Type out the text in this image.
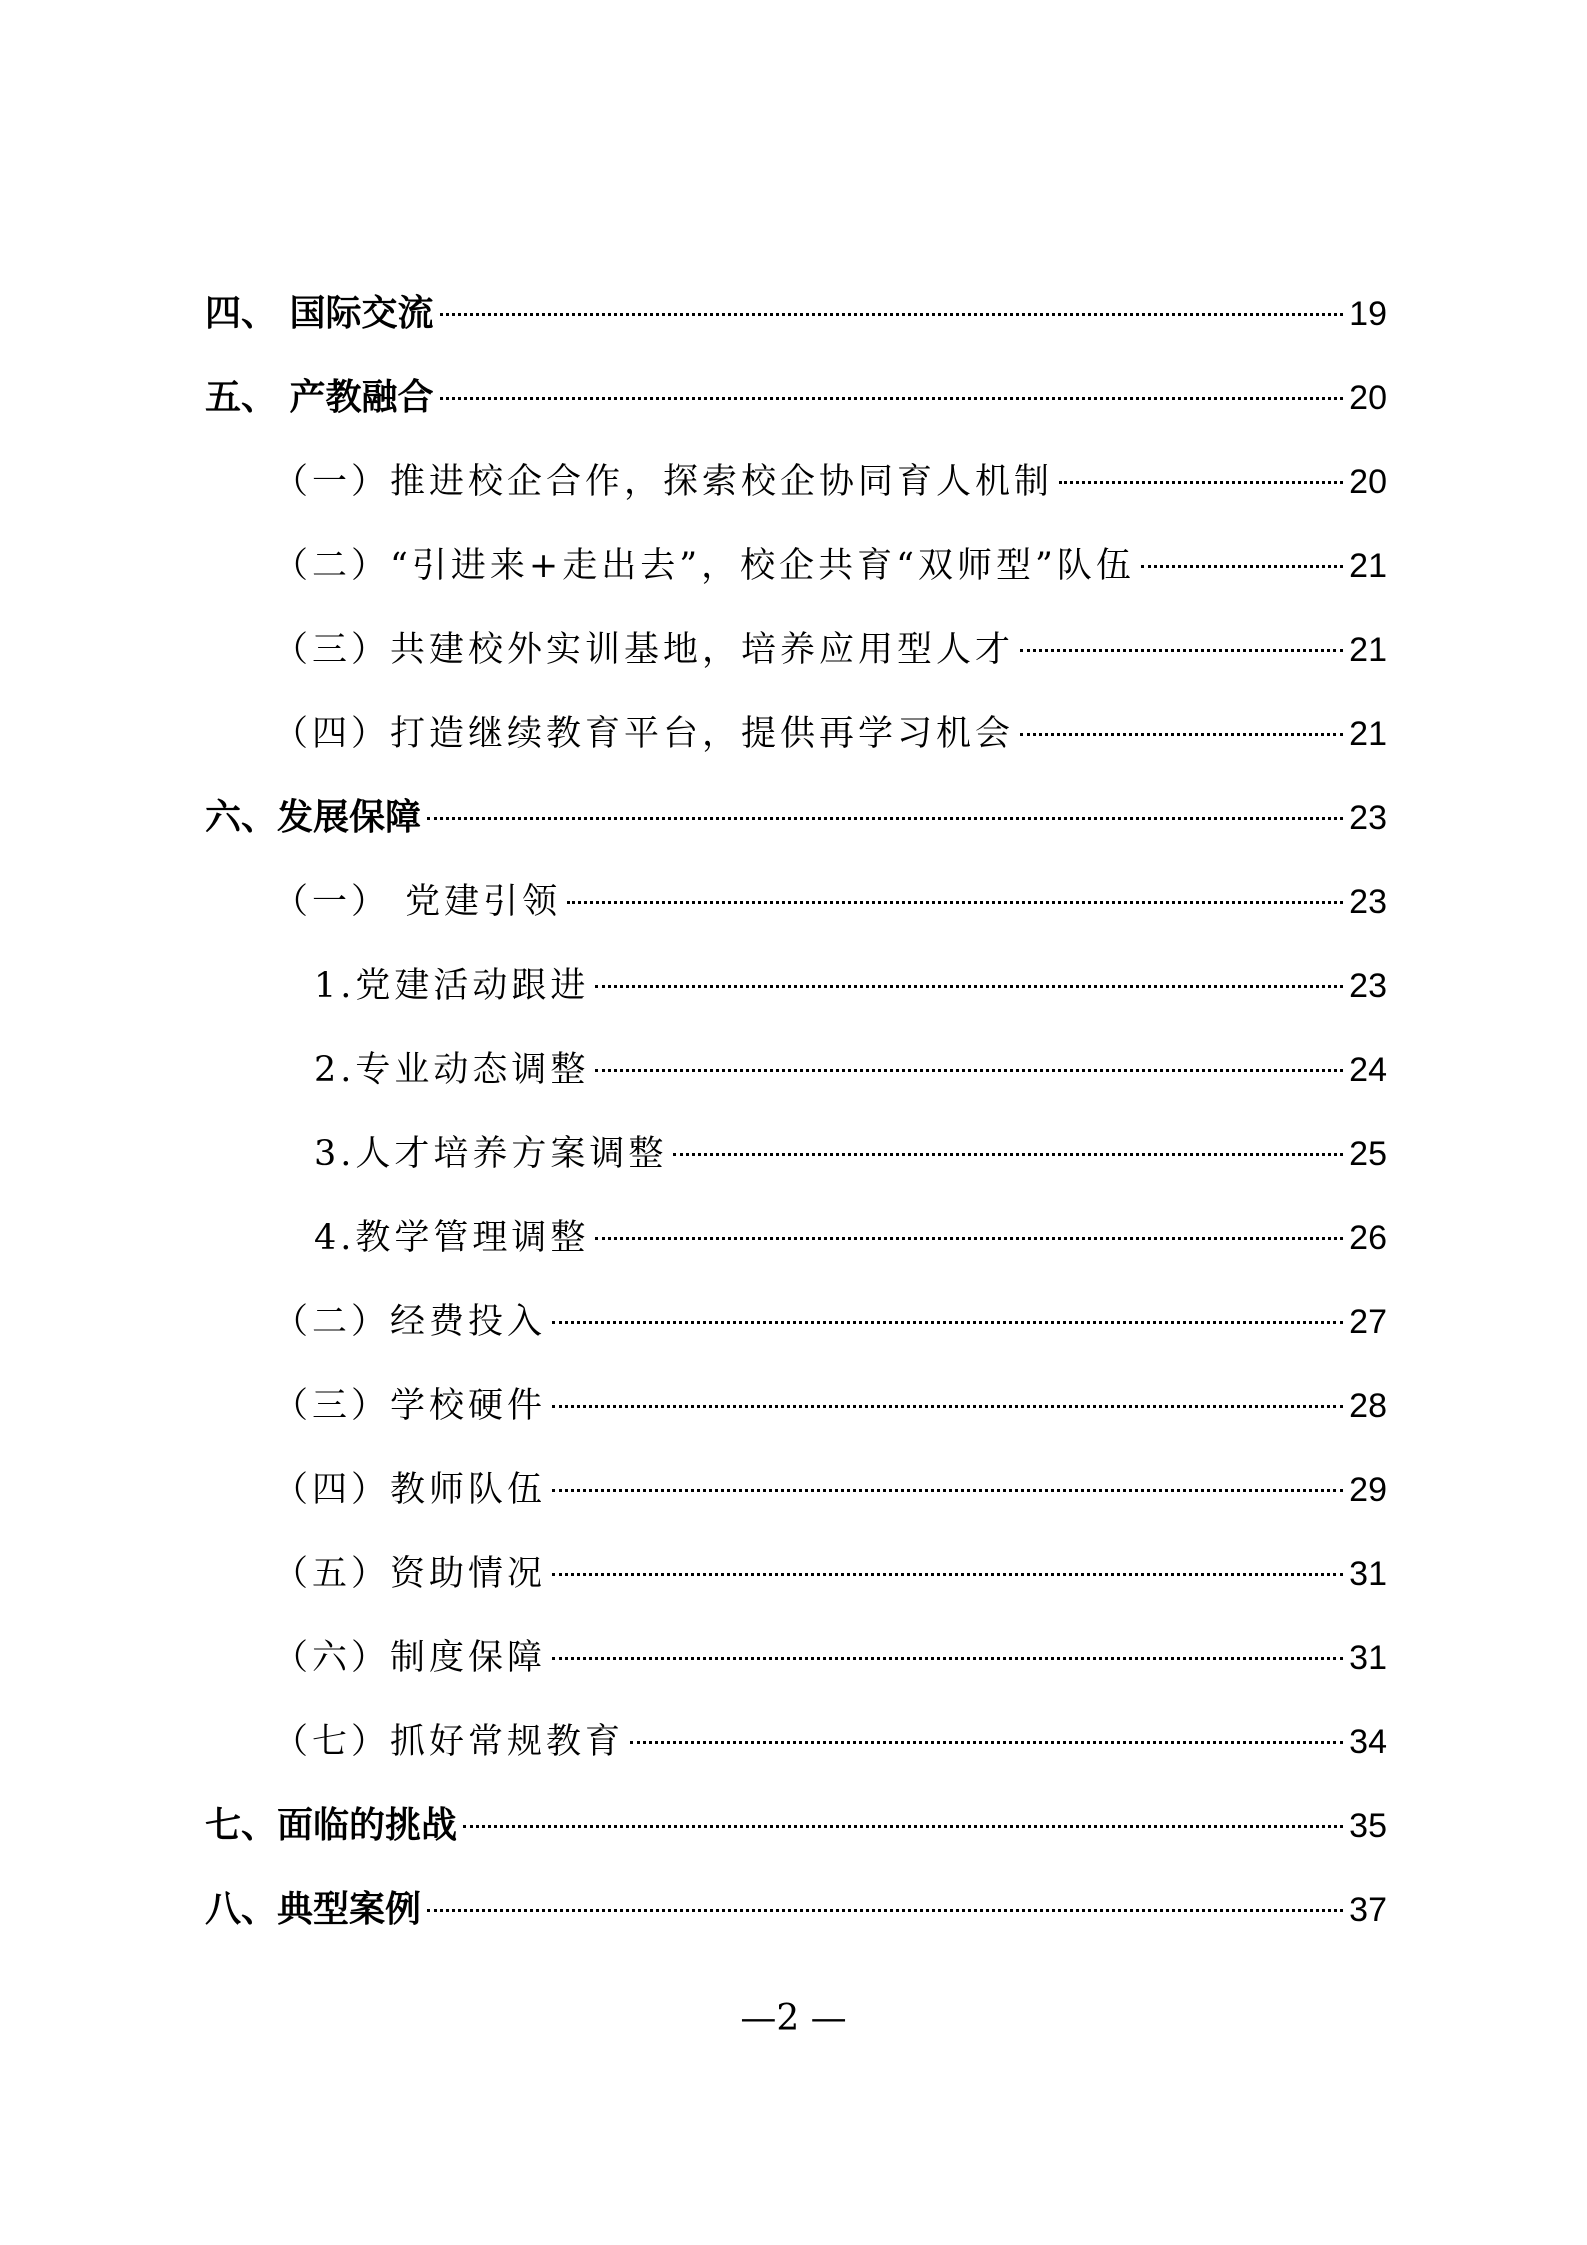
四、 国际交流	19
五、 产教融合	20
（一）推进校企合作，探索校企协同育人机制	20
（二）“引进来+走出去”，校企共育“双师型”队伍	21
（三）共建校外实训基地，培养应用型人才	21
（四）打造继续教育平台，提供再学习机会	21
六、发展保障	23
（一） 党建引领	23
1.党建活动跟进	23
2.专业动态调整	24
3.人才培养方案调整	25
4.教学管理调整	26
（二）经费投入	27
（三）学校硬件	28
（四）教师队伍	29
（五）资助情况	31
（六）制度保障	31
（七）抓好常规教育	34
七、面临的挑战	35
八、典型案例	37
—2 —
